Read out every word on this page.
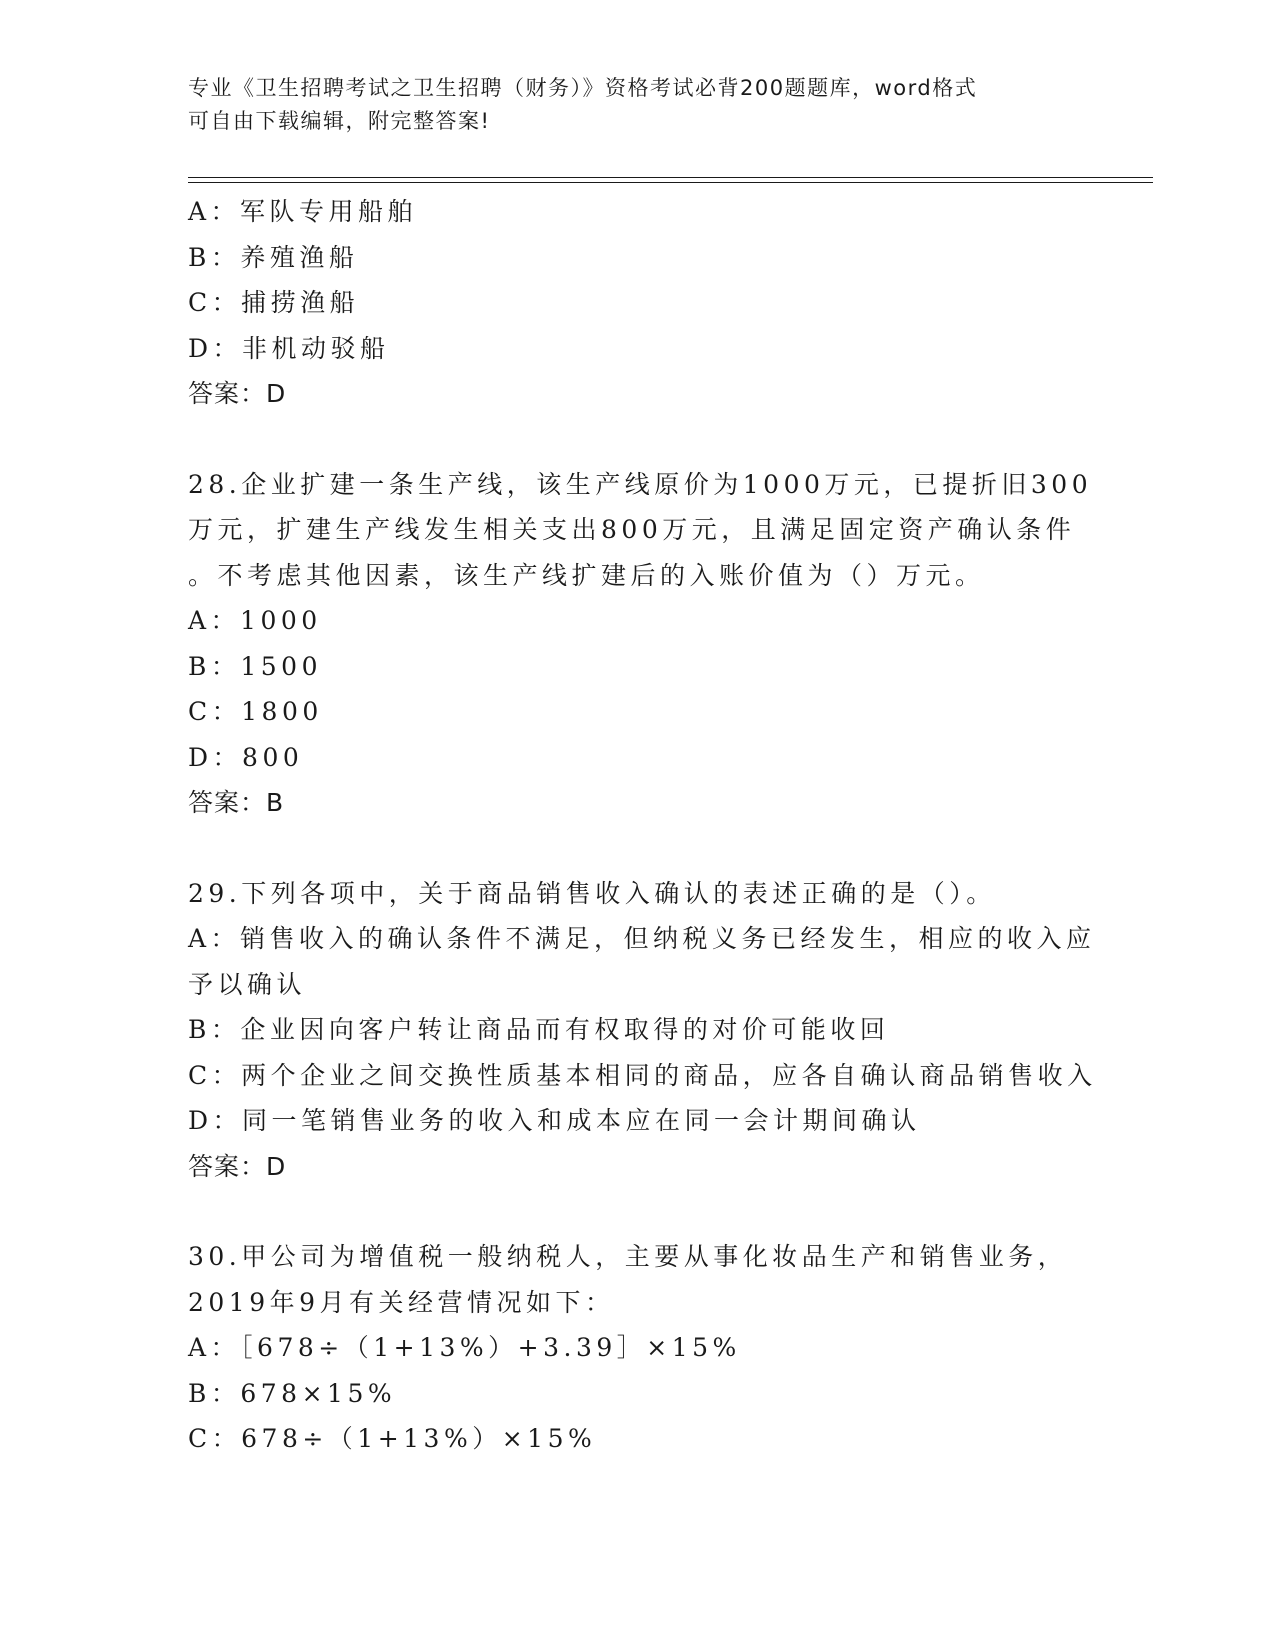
专业《卫生招聘考试之卫生招聘（财务）》资格考试必背200题题库，word格式
可自由下载编辑，附完整答案!
A：军队专用船舶
B：养殖渔船
C：捕捞渔船
D：非机动驳船
答案：D
28.企业扩建一条生产线，该生产线原价为1000万元，已提折旧300
万元，扩建生产线发生相关支出800万元，且满足固定资产确认条件
。不考虑其他因素，该生产线扩建后的入账价值为（）万元。
A：1000
B：1500
C：1800
D：800
答案：B
29.下列各项中，关于商品销售收入确认的表述正确的是（）。
A：销售收入的确认条件不满足，但纳税义务已经发生，相应的收入应
予以确认
B：企业因向客户转让商品而有权取得的对价可能收回
C：两个企业之间交换性质基本相同的商品，应各自确认商品销售收入
D：同一笔销售业务的收入和成本应在同一会计期间确认
答案：D
30.甲公司为增值税一般纳税人，主要从事化妆品生产和销售业务，
2019年9月有关经营情况如下：
A：［678÷（1+13%）+3.39］×15%
B：678×15%
C：678÷（1+13%）×15%
